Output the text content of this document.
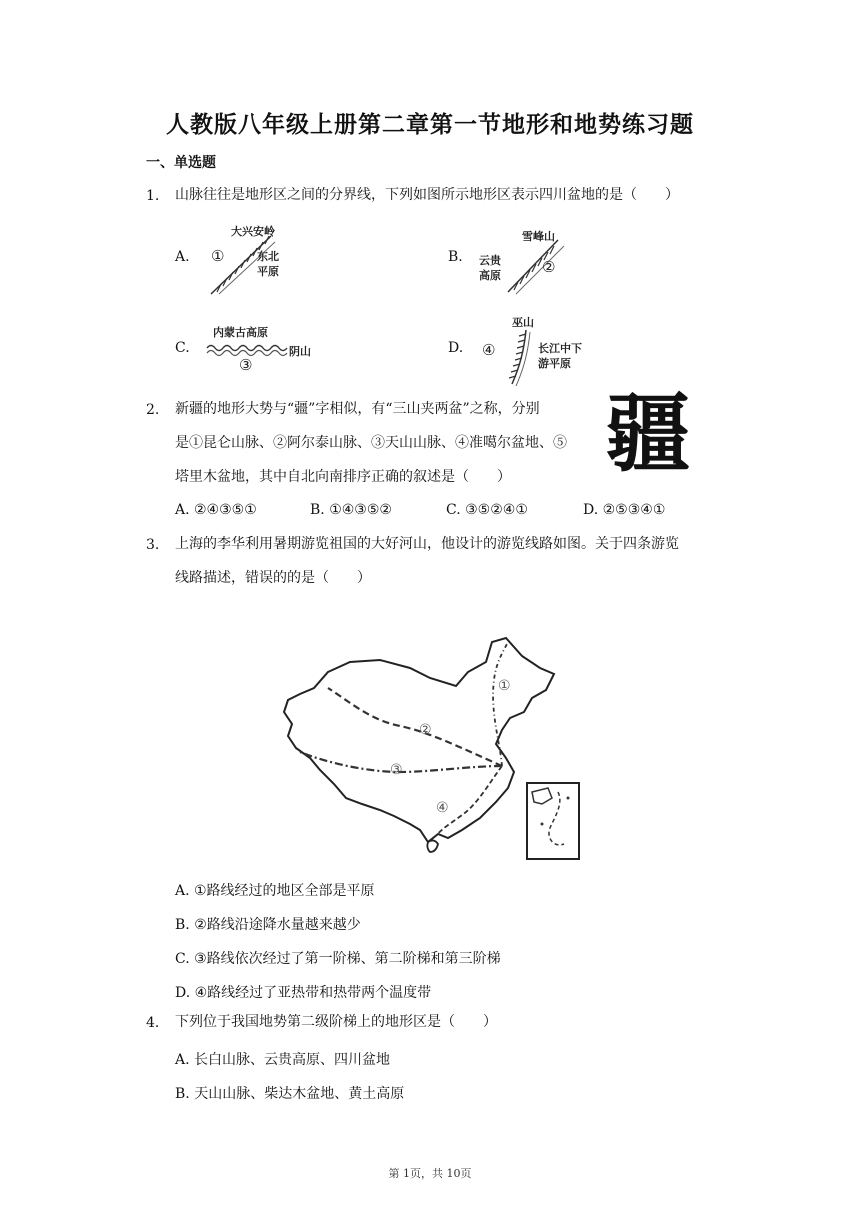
人教版八年级上册第二章第一节地形和地势练习题
一、单选题
1. 山脉往往是地形区之间的分界线，下列如图所示地形区表示四川盆地的是（　　）
A.
大兴安岭
东北
平原
①	B.
雪峰山
云贵
高原	②
C.
内蒙古高原
阴山
③
D.
巫山
④	长江中下
游平原
2. 新疆的地形大势与“疆”字相似，有“三山夹两盆”之称，分别
是①昆仑山脉、②阿尔泰山脉、③天山山脉、④准噶尔盆地、⑤
塔里木盆地，其中自北向南排序正确的叙述是（　　） 疆
A. ②④③⑤①	B. ①④③⑤②	C. ③⑤②④①	D. ②⑤③④①
3. 上海的李华利用暑期游览祖国的大好河山，他设计的游览线路如图。关于四条游览
线路描述，错误的的是（　　）
①
②
③
④
A. ①路线经过的地区全部是平原
B. ②路线沿途降水量越来越少
C. ③路线依次经过了第一阶梯、第二阶梯和第三阶梯
D. ④路线经过了亚热带和热带两个温度带
4. 下列位于我国地势第二级阶梯上的地形区是（　　）
A. 长白山脉、云贵高原、四川盆地
B. 天山山脉、柴达木盆地、黄土高原
第 1页，共 10页
